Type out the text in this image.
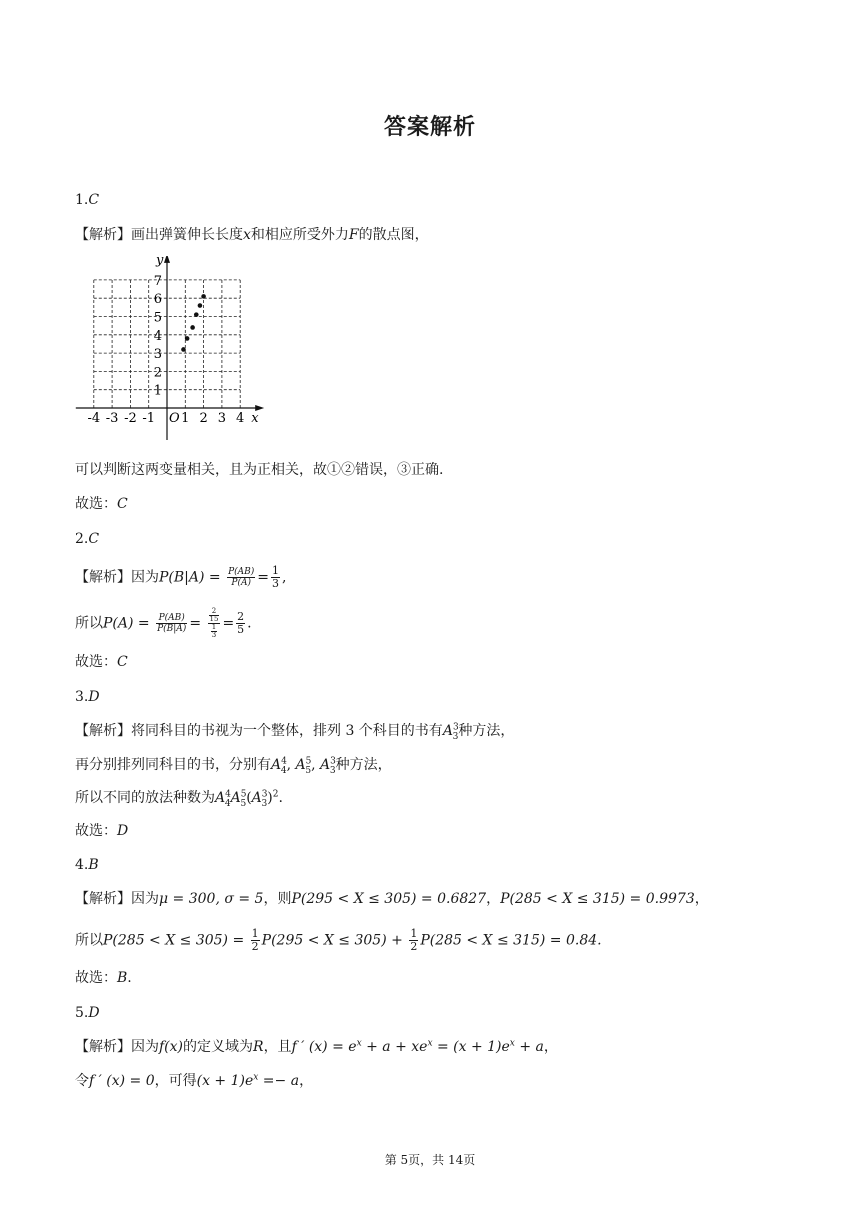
答案解析
1.C
【解析】画出弹簧伸长长度x和相应所受外力F的散点图，
-4 -3 -2 -1 1 2 3 4
1
2
3
4
5
6
7
O	x
y
可以判断这两变量相关，且为正相关，故①②错误，③正确.
故选：C
2.C
【解析】因为$P(B|A) = \frac{P(AB)}{P(A)} = \frac{1}{3}$ ,
所以$P(A) = \frac{P(AB)}{P(B|A)} = \frac{\frac{2}{15}}{\frac{1}{3}} = \frac{2}{5}$ .
故选：C
3.D
【解析】将同科目的书视为一个整体，排列 3 个科目的书有$A^3_3$种方法，
再分别排列同科目的书，分别有$A^4_4$, $A^5_5$, $A^3_3$种方法，
所以不同的放法种数为$A^4_4A^5_5(A^3_3)^2$.
故选：D
4.B
【解析】因为μ = 300, σ = 5，则P(295 < X ≤ 305) = 0.6827，P(285 < X ≤ 315) = 0.9973，
所以$P(285 < X \le 305) = \frac{1}{2} P(295 < X \le 305) + \frac{1}{2} P(285 < X \le 315) = 0.84$.
故选：B.
5.D
【解析】因为f(x)的定义域为R，且f ′ $(x) = e^x + a + xe^x = (x + 1)e^x + a$，
令f ′ (x) = 0，可得$(x + 1)e^x =- a$，
第 5页，共 14页
